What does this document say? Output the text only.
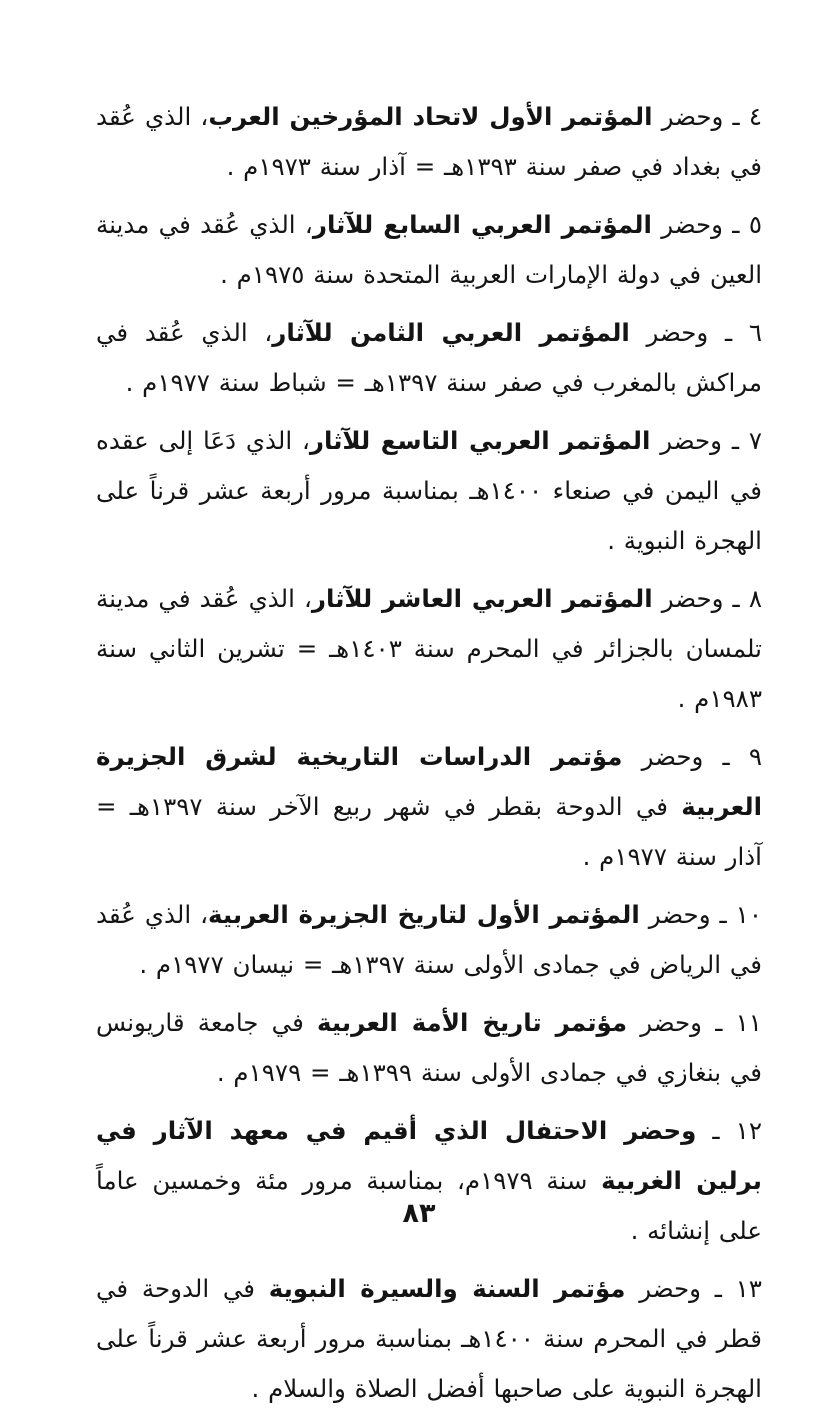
٤ ـ وحضر المؤتمر الأول لاتحاد المؤرخين العرب، الذي عُقد في بغداد في صفر سنة ١٣٩٣هـ = آذار سنة ١٩٧٣م .

٥ ـ وحضر المؤتمر العربي السابع للآثار، الذي عُقد في مدينة العين في دولة الإمارات العربية المتحدة سنة ١٩٧٥م .

٦ ـ وحضر المؤتمر العربي الثامن للآثار، الذي عُقد في مراكش بالمغرب في صفر سنة ١٣٩٧هـ = شباط سنة ١٩٧٧م .

٧ ـ وحضر المؤتمر العربي التاسع للآثار، الذي دَعَا إلى عقده في اليمن في صنعاء ١٤٠٠هـ بمناسبة مرور أربعة عشر قرناً على الهجرة النبوية .

٨ ـ وحضر المؤتمر العربي العاشر للآثار، الذي عُقد في مدينة تلمسان بالجزائر في المحرم سنة ١٤٠٣هـ = تشرين الثاني سنة ١٩٨٣م .

٩ ـ وحضر مؤتمر الدراسات التاريخية لشرق الجزيرة العربية في الدوحة بقطر في شهر ربيع الآخر سنة ١٣٩٧هـ = آذار سنة ١٩٧٧م .

١٠ ـ وحضر المؤتمر الأول لتاريخ الجزيرة العربية، الذي عُقد في الرياض في جمادى الأولى سنة ١٣٩٧هـ = نيسان ١٩٧٧م .

١١ ـ وحضر مؤتمر تاريخ الأمة العربية في جامعة قاريونس في بنغازي في جمادى الأولى سنة ١٣٩٩هـ = ١٩٧٩م .

١٢ ـ وحضر الاحتفال الذي أقيم في معهد الآثار في برلين الغربية سنة ١٩٧٩م، بمناسبة مرور مئة وخمسين عاماً على إنشائه .

١٣ ـ وحضر مؤتمر السنة والسيرة النبوية في الدوحة في قطر في المحرم سنة ١٤٠٠هـ بمناسبة مرور أربعة عشر قرناً على الهجرة النبوية على صاحبها أفضل الصلاة والسلام .

٨٣
